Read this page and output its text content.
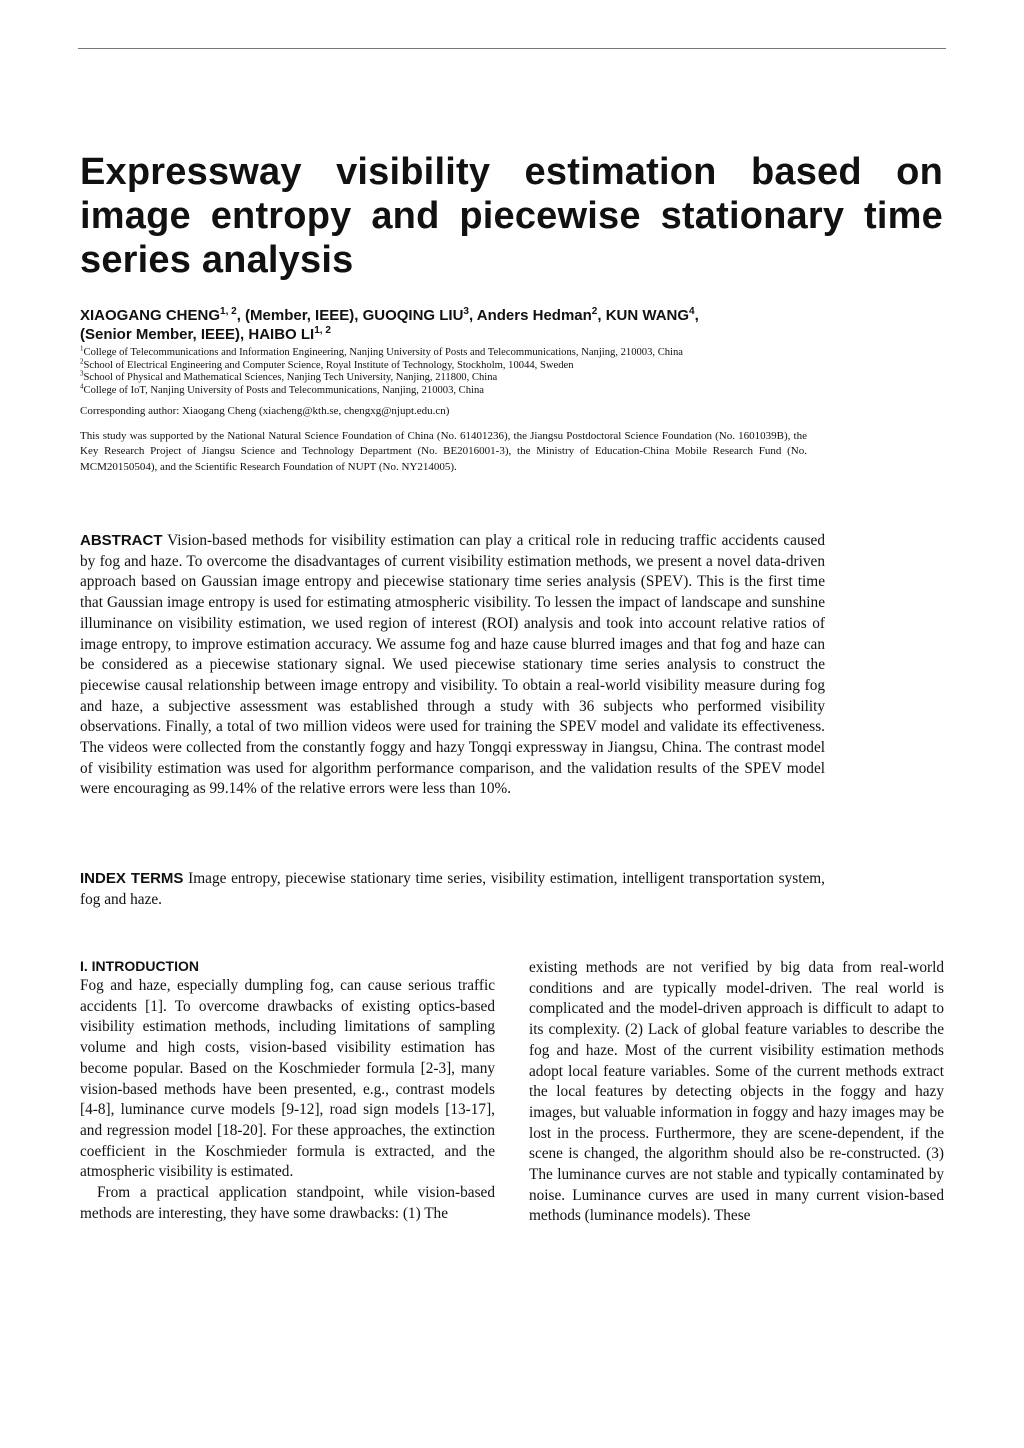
Expressway visibility estimation based on image entropy and piecewise stationary time series analysis
XIAOGANG CHENG$^{1, 2}$, (Member, IEEE), GUOQING LIU$^3$, Anders Hedman$^2$, KUN WANG$^4$,
(Senior Member, IEEE), HAIBO LI$^{1, 2}$
$^1$College of Telecommunications and Information Engineering, Nanjing University of Posts and Telecommunications, Nanjing, 210003, China
$^2$School of Electrical Engineering and Computer Science, Royal Institute of Technology, Stockholm, 10044, Sweden
$^3$School of Physical and Mathematical Sciences, Nanjing Tech University, Nanjing, 211800, China
$^4$College of IoT, Nanjing University of Posts and Telecommunications, Nanjing, 210003, China
Corresponding author: Xiaogang Cheng (xiacheng@kth.se, chengxg@njupt.edu.cn)

This study was supported by the National Natural Science Foundation of China (No. 61401236), the Jiangsu Postdoctoral Science Foundation (No. 1601039B), the Key Research Project of Jiangsu Science and Technology Department (No. BE2016001-3), the Ministry of Education-China Mobile Research Fund (No. MCM20150504), and the Scientific Research Foundation of NUPT (No. NY214005).

ABSTRACT Vision-based methods for visibility estimation can play a critical role in reducing traffic accidents caused by fog and haze. To overcome the disadvantages of current visibility estimation methods, we present a novel data-driven approach based on Gaussian image entropy and piecewise stationary time series analysis (SPEV). This is the first time that Gaussian image entropy is used for estimating atmospheric visibility. To lessen the impact of landscape and sunshine illuminance on visibility estimation, we used region of interest (ROI) analysis and took into account relative ratios of image entropy, to improve estimation accuracy. We assume fog and haze cause blurred images and that fog and haze can be considered as a piecewise stationary signal. We used piecewise stationary time series analysis to construct the piecewise causal relationship between image entropy and visibility. To obtain a real-world visibility measure during fog and haze, a subjective assessment was established through a study with 36 subjects who performed visibility observations. Finally, a total of two million videos were used for training the SPEV model and validate its effectiveness. The videos were collected from the constantly foggy and hazy Tongqi expressway in Jiangsu, China. The contrast model of visibility estimation was used for algorithm performance comparison, and the validation results of the SPEV model were encouraging as 99.14% of the relative errors were less than 10%.

INDEX TERMS Image entropy, piecewise stationary time series, visibility estimation, intelligent transportation system, fog and haze.

I. INTRODUCTION

Fog and haze, especially dumpling fog, can cause serious traffic accidents [1]. To overcome drawbacks of existing optics-based visibility estimation methods, including limitations of sampling volume and high costs, vision-based visibility estimation has become popular. Based on the Koschmieder formula [2-3], many vision-based methods have been presented, e.g., contrast models [4-8], luminance curve models [9-12], road sign models [13-17], and regression model [18-20]. For these approaches, the extinction coefficient in the Koschmieder formula is extracted, and the atmospheric visibility is estimated.

From a practical application standpoint, while vision-based methods are interesting, they have some drawbacks: (1) The

existing methods are not verified by big data from real-world conditions and are typically model-driven. The real world is complicated and the model-driven approach is difficult to adapt to its complexity. (2) Lack of global feature variables to describe the fog and haze. Most of the current visibility estimation methods adopt local feature variables. Some of the current methods extract the local features by detecting objects in the foggy and hazy images, but valuable information in foggy and hazy images may be lost in the process. Furthermore, they are scene-dependent, if the scene is changed, the algorithm should also be re-constructed. (3) The luminance curves are not stable and typically contaminated by noise. Luminance curves are used in many current vision-based methods (luminance models). These
